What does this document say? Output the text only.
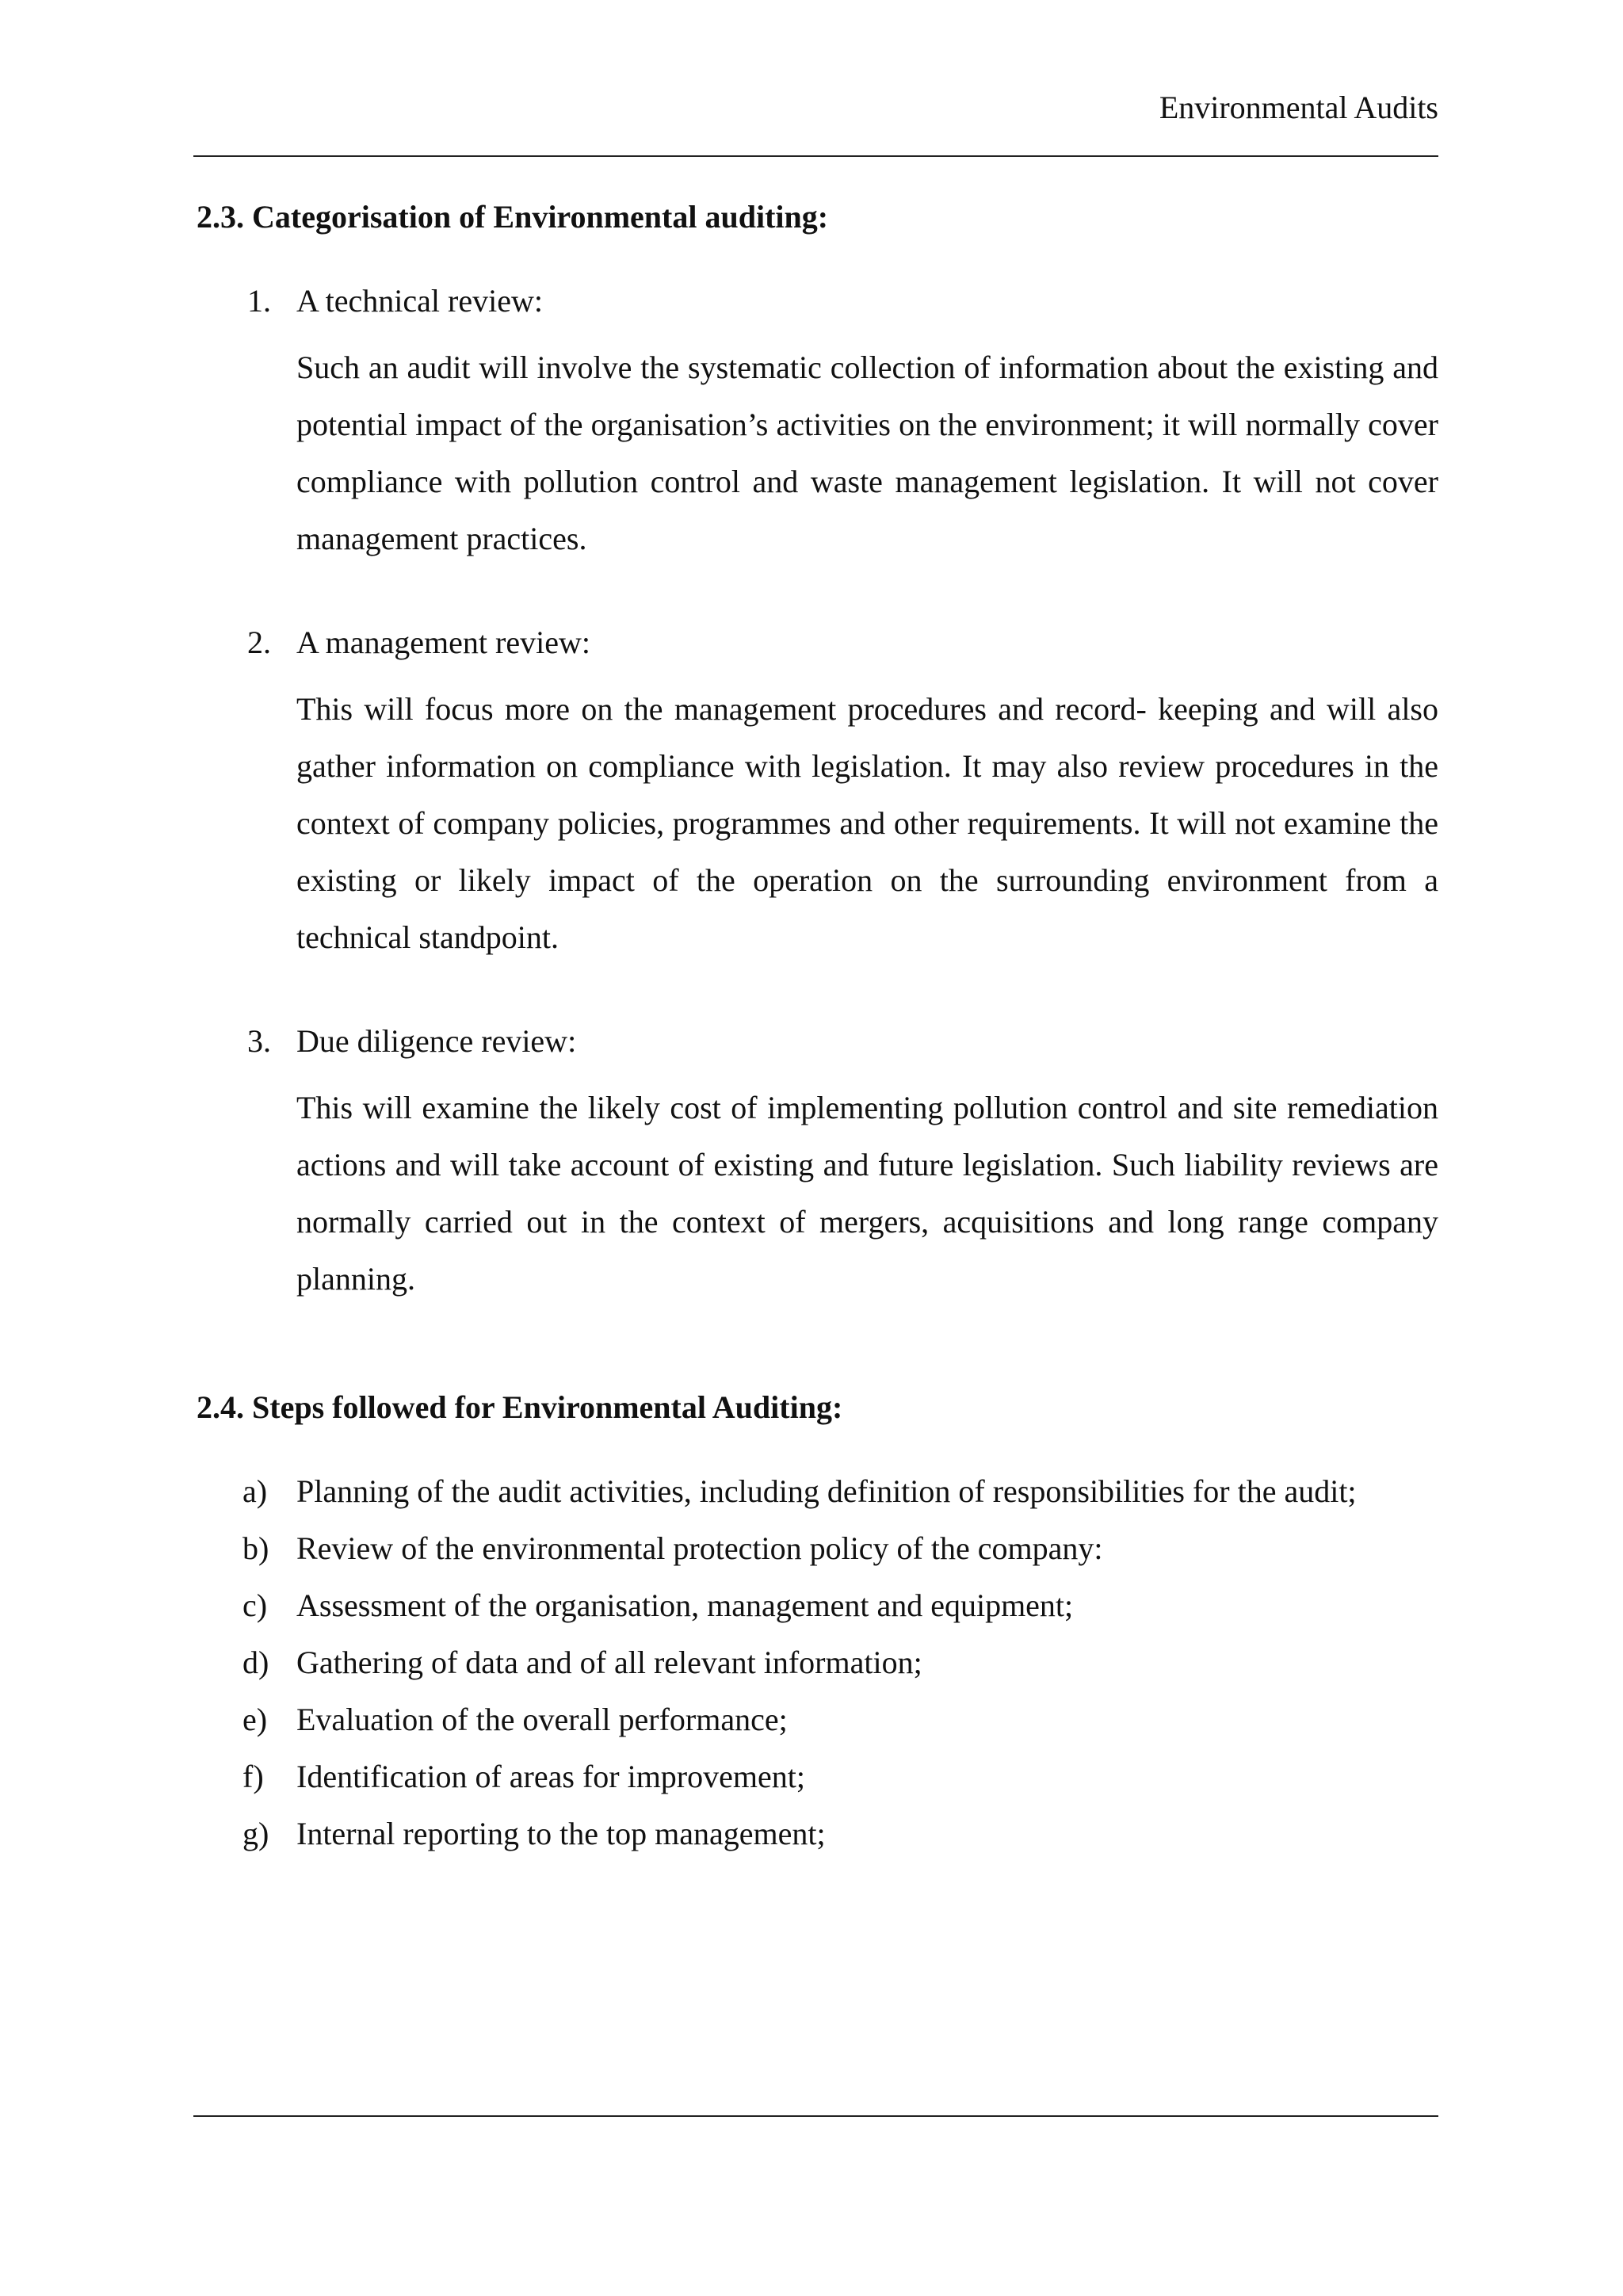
Environmental Audits
2.3. Categorisation of Environmental auditing:
1. A technical review:
Such an audit will involve the systematic collection of information about the existing and potential impact of the organisation’s activities on the environment; it will normally cover compliance with pollution control and waste management legislation. It will not cover management practices.
2. A management review:
This will focus more on the management procedures and record- keeping and will also gather information on compliance with legislation. It may also review procedures in the context of company policies, programmes and other requirements. It will not examine the existing or likely impact of the operation on the surrounding environment from a technical standpoint.
3. Due diligence review:
This will examine the likely cost of implementing pollution control and site remediation actions and will take account of existing and future legislation. Such liability reviews are normally carried out in the context of mergers, acquisitions and long range company planning.
2.4. Steps followed for Environmental Auditing:
a) Planning of the audit activities, including definition of responsibilities for the audit;
b) Review of the environmental protection policy of the company:
c) Assessment of the organisation, management and equipment;
d) Gathering of data and of all relevant information;
e) Evaluation of the overall performance;
f) Identification of areas for improvement;
g) Internal reporting to the top management;
